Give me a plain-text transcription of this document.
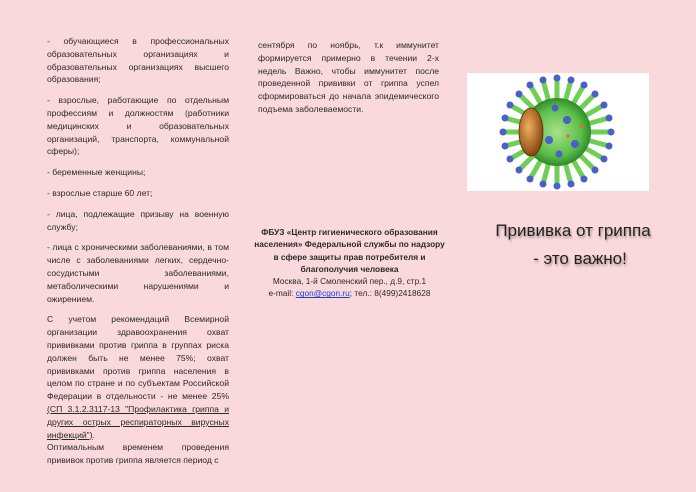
- обучающиеся в профессиональных образовательных организациях и образовательных организациях высшего образования;

- взрослые, работающие по отдельным профессиям и должностям (работники медицинских и образовательных организаций, транспорта, коммунальной сферы);

- беременные женщины;

- взрослые старше 60 лет;

- лица, подлежащие призыву на военную службу;

- лица с хроническими заболеваниями, в том числе с заболеваниями легких, сердечно-сосудистыми заболеваниями, метаболическими нарушениями и ожирением.

С учетом рекомендаций Всемирной организации здравоохранения охват прививками против гриппа в группах риска должен быть не менее 75%; охват прививками против гриппа населения в целом по стране и по субъектам Российской Федерации в отдельности - не менее 25% (СП 3.1.2.3117-13 "Профилактика гриппа и других острых респираторных вирусных инфекций").

Оптимальным временем проведения прививок против гриппа является период с

сентября по ноябрь, т.к иммунитет формируется примерно в течении 2-х недель Важно, чтобы иммунитет после проведенной прививки от гриппа успел сформироваться до начала эпидемического подъема заболеваемости.

ФБУЗ «Центр гигиенического образования населения» Федеральной службы по надзору в сфере защиты прав потребителя и благополучия человека
Москва, 1-й Смоленский пер., д.9, стр.1
e-mail: cgon@cgon.ru; тел.: 8(499)2418628
Прививка от гриппа
- это важно!
